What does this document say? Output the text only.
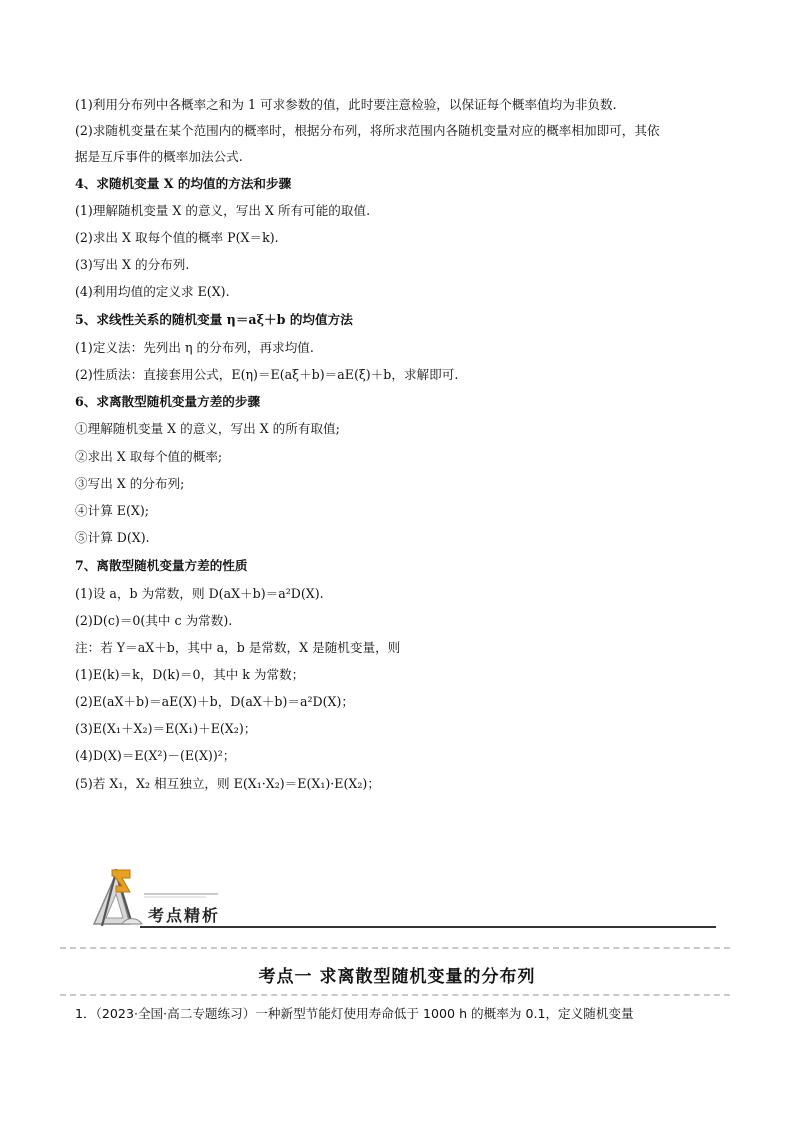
(1)利用分布列中各概率之和为 1 可求参数的值，此时要注意检验，以保证每个概率值均为非负数.
(2)求随机变量在某个范围内的概率时，根据分布列，将所求范围内各随机变量对应的概率相加即可，其依
据是互斥事件的概率加法公式.
4、求随机变量 X 的均值的方法和步骤
(1)理解随机变量 X 的意义，写出 X 所有可能的取值.
(2)求出 X 取每个值的概率 P(X＝k).
(3)写出 X 的分布列.
(4)利用均值的定义求 E(X).
5、求线性关系的随机变量 η＝aξ＋b 的均值方法
(1)定义法：先列出 η 的分布列，再求均值.
(2)性质法：直接套用公式，E(η)＝E(aξ＋b)＝aE(ξ)＋b，求解即可.
6、求离散型随机变量方差的步骤
①理解随机变量 X 的意义，写出 X 的所有取值;
②求出 X 取每个值的概率;
③写出 X 的分布列;
④计算 E(X);
⑤计算 D(X).
7、离散型随机变量方差的性质
(1)设 a，b 为常数，则 D(aX＋b)＝a²D(X).
(2)D(c)＝0(其中 c 为常数).
注：若 Y＝aX＋b，其中 a，b 是常数，X 是随机变量，则
(1)E(k)＝k，D(k)＝0，其中 k 为常数；
(2)E(aX＋b)＝aE(X)＋b，D(aX＋b)＝a²D(X)；
(3)E(X₁＋X₂)＝E(X₁)＋E(X₂)；
(4)D(X)＝E(X²)－(E(X))²；
(5)若 X₁，X₂ 相互独立，则 E(X₁·X₂)＝E(X₁)·E(X₂)；
考点精析
考点一 求离散型随机变量的分布列
1．（2023·全国·高二专题练习）一种新型节能灯使用寿命低于 1000 h 的概率为 0.1，定义随机变量
